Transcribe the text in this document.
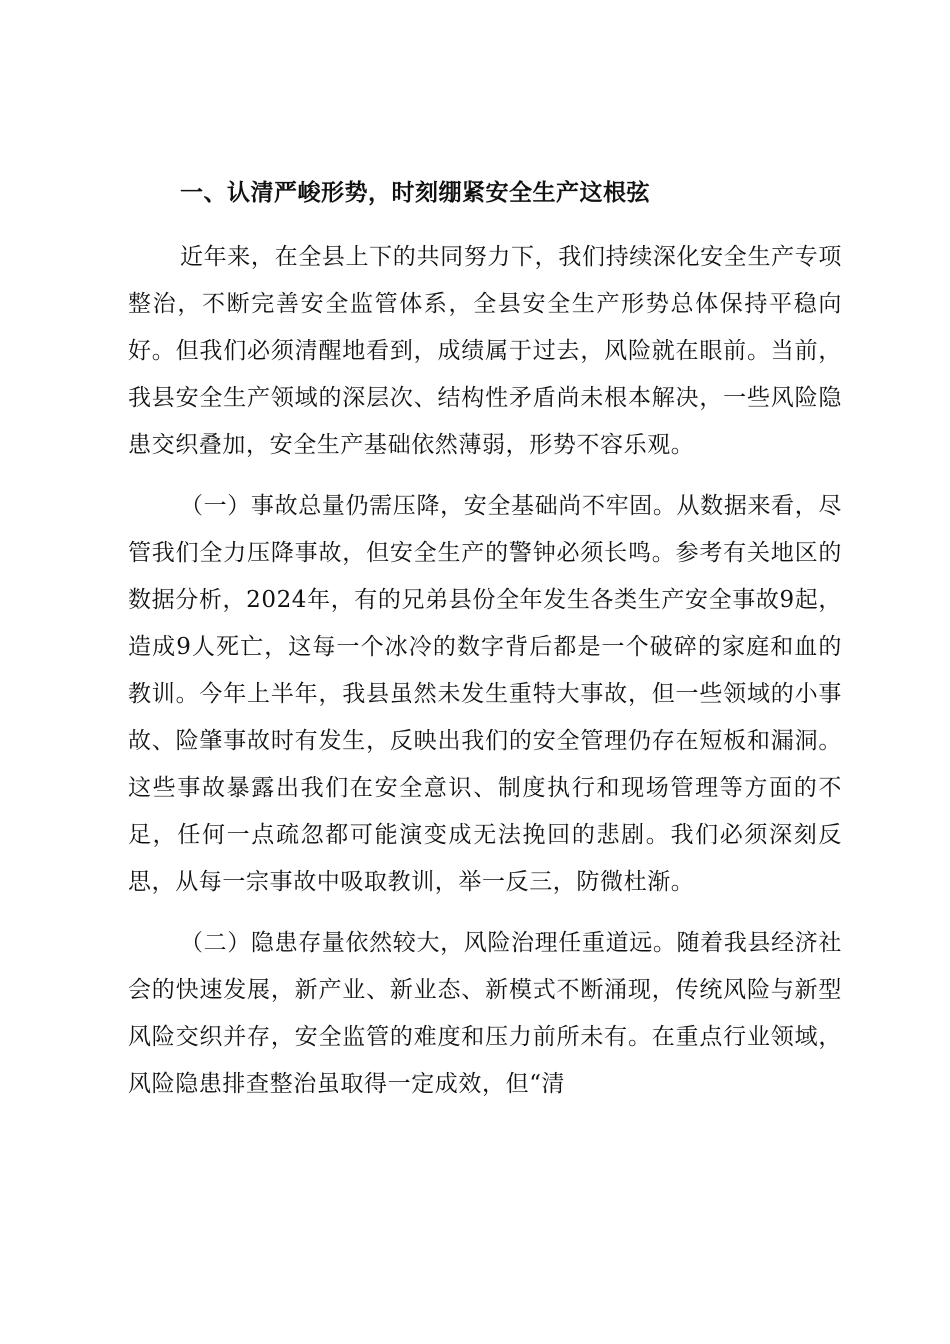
一、认清严峻形势，时刻绷紧安全生产这根弦

近年来，在全县上下的共同努力下，我们持续深化安全生产专项整治，不断完善安全监管体系，全县安全生产形势总体保持平稳向好。但我们必须清醒地看到，成绩属于过去，风险就在眼前。当前，我县安全生产领域的深层次、结构性矛盾尚未根本解决，一些风险隐患交织叠加，安全生产基础依然薄弱，形势不容乐观。

（一）事故总量仍需压降，安全基础尚不牢固。从数据来看，尽管我们全力压降事故，但安全生产的警钟必须长鸣。参考有关地区的数据分析，2024年，有的兄弟县份全年发生各类生产安全事故9起，造成9人死亡，这每一个冰冷的数字背后都是一个破碎的家庭和血的教训。今年上半年，我县虽然未发生重特大事故，但一些领域的小事故、险肇事故时有发生，反映出我们的安全管理仍存在短板和漏洞。这些事故暴露出我们在安全意识、制度执行和现场管理等方面的不足，任何一点疏忽都可能演变成无法挽回的悲剧。我们必须深刻反思，从每一宗事故中吸取教训，举一反三，防微杜渐。

（二）隐患存量依然较大，风险治理任重道远。随着我县经济社会的快速发展，新产业、新业态、新模式不断涌现，传统风险与新型风险交织并存，安全监管的难度和压力前所未有。在重点行业领域，风险隐患排查整治虽取得一定成效，但“清
